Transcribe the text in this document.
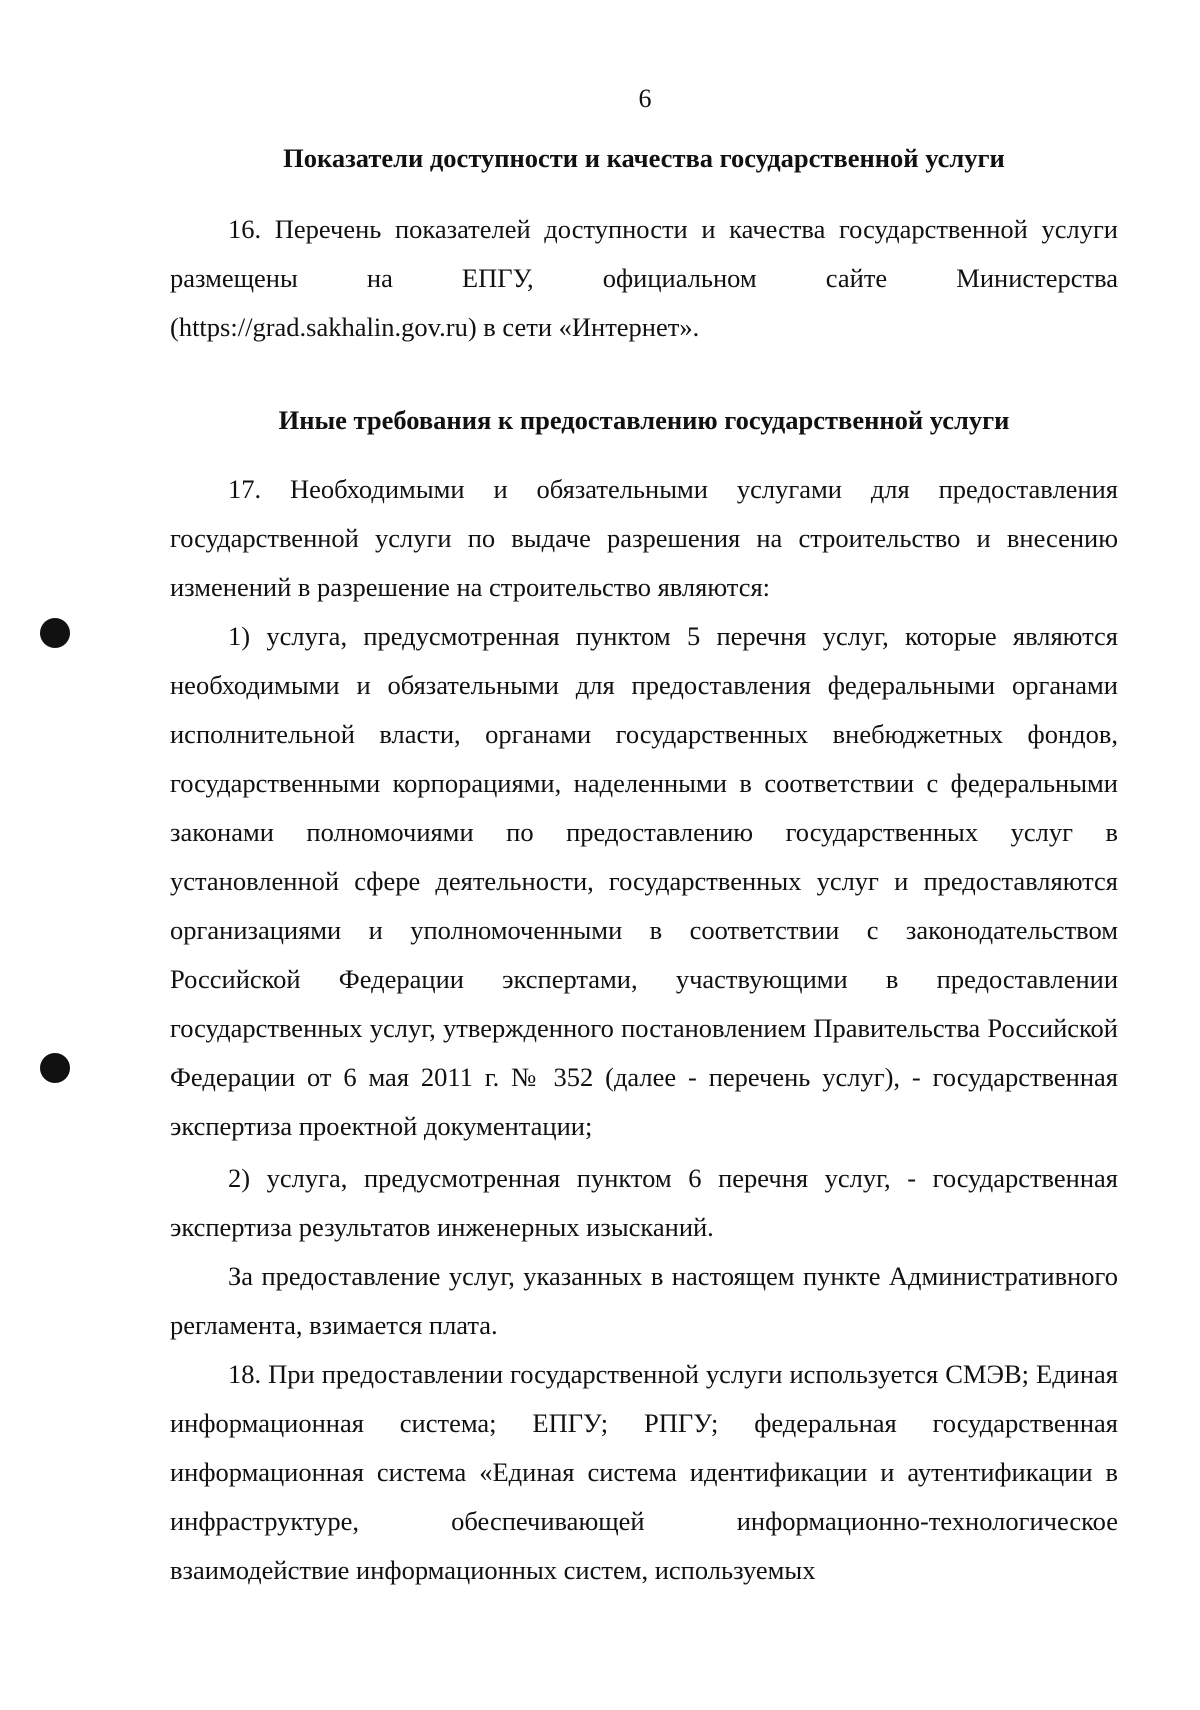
6
Показатели доступности и качества государственной услуги

16. Перечень показателей доступности и качества государственной услуги размещены на ЕПГУ, официальном сайте Министерства (https://grad.sakhalin.gov.ru) в сети «Интернет».

Иные требования к предоставлению государственной услуги

17. Необходимыми и обязательными услугами для предоставления государственной услуги по выдаче разрешения на строительство и внесению изменений в разрешение на строительство являются:

1) услуга, предусмотренная пунктом 5 перечня услуг, которые являются необходимыми и обязательными для предоставления федеральными органами исполнительной власти, органами государственных внебюджетных фондов, государственными корпорациями, наделенными в соответствии с федеральными законами полномочиями по предоставлению государственных услуг в установленной сфере деятельности, государственных услуг и предоставляются организациями и уполномоченными в соответствии с законодательством Российской Федерации экспертами, участвующими в предоставлении государственных услуг, утвержденного постановлением Правительства Российской Федерации от 6 мая 2011 г. № 352 (далее - перечень услуг), - государственная экспертиза проектной документации;

2) услуга, предусмотренная пунктом 6 перечня услуг, - государственная экспертиза результатов инженерных изысканий.

За предоставление услуг, указанных в настоящем пункте Административного регламента, взимается плата.

18. При предоставлении государственной услуги используется СМЭВ; Единая информационная система; ЕПГУ; РПГУ; федеральная государственная информационная система «Единая система идентификации и аутентификации в инфраструктуре, обеспечивающей информационно-технологическое взаимодействие информационных систем, используемых
